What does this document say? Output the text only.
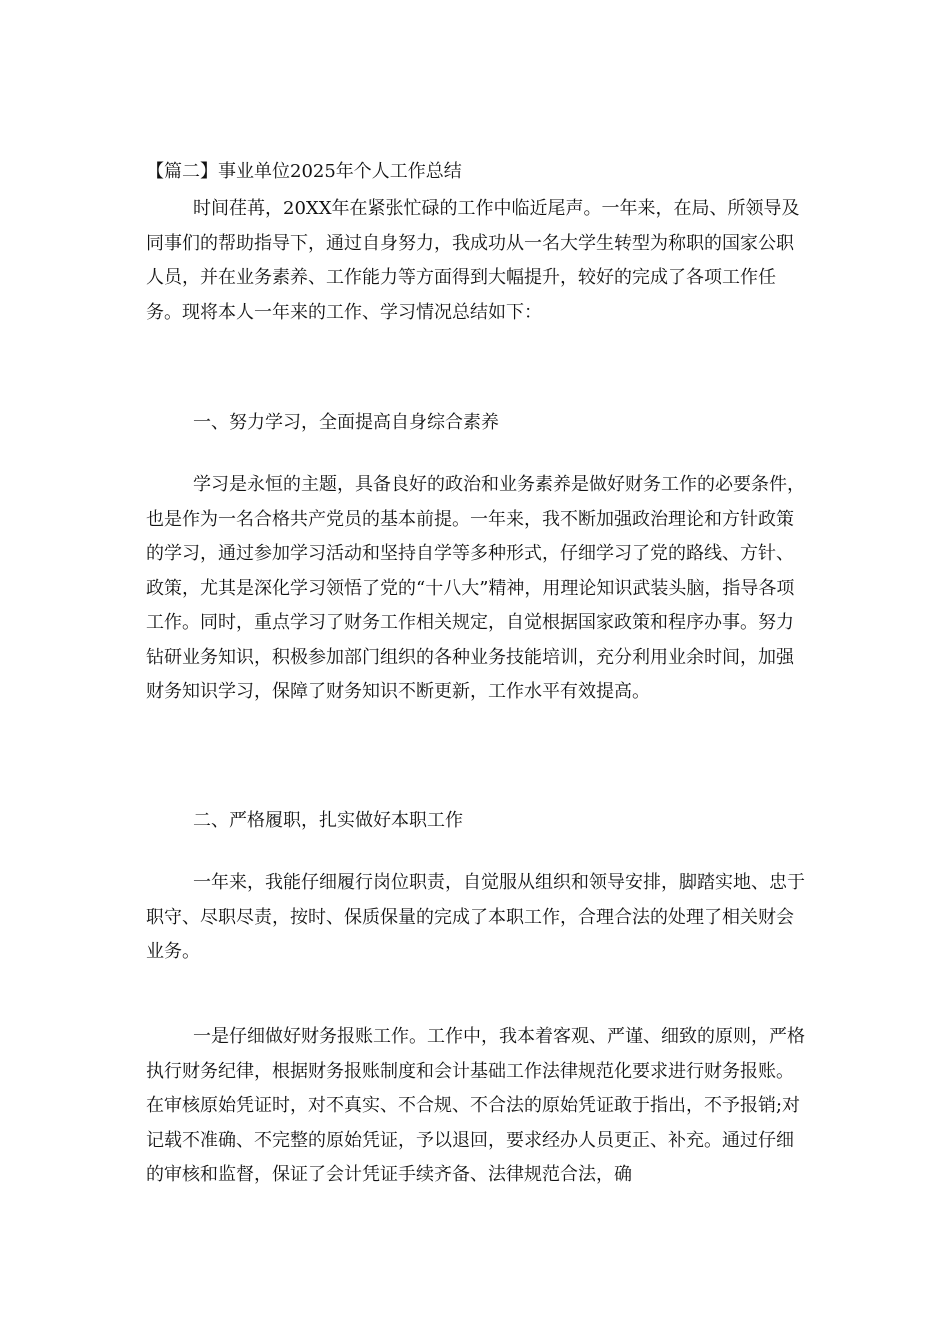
【篇二】事业单位2025年个人工作总结

时间荏苒，20XX年在紧张忙碌的工作中临近尾声。一年来，在局、所领导及同事们的帮助指导下，通过自身努力，我成功从一名大学生转型为称职的国家公职人员，并在业务素养、工作能力等方面得到大幅提升，较好的完成了各项工作任务。现将本人一年来的工作、学习情况总结如下：

一、努力学习，全面提高自身综合素养

学习是永恒的主题，具备良好的政治和业务素养是做好财务工作的必要条件，也是作为一名合格共产党员的基本前提。一年来，我不断加强政治理论和方针政策的学习，通过参加学习活动和坚持自学等多种形式，仔细学习了党的路线、方针、政策，尤其是深化学习领悟了党的“十八大”精神，用理论知识武装头脑，指导各项工作。同时，重点学习了财务工作相关规定，自觉根据国家政策和程序办事。努力钻研业务知识，积极参加部门组织的各种业务技能培训，充分利用业余时间，加强财务知识学习，保障了财务知识不断更新，工作水平有效提高。

二、严格履职，扎实做好本职工作

一年来，我能仔细履行岗位职责，自觉服从组织和领导安排，脚踏实地、忠于职守、尽职尽责，按时、保质保量的完成了本职工作，合理合法的处理了相关财会业务。

一是仔细做好财务报账工作。工作中，我本着客观、严谨、细致的原则，严格执行财务纪律，根据财务报账制度和会计基础工作法律规范化要求进行财务报账。在审核原始凭证时，对不真实、不合规、不合法的原始凭证敢于指出，不予报销;对记载不准确、不完整的原始凭证，予以退回，要求经办人员更正、补充。通过仔细的审核和监督，保证了会计凭证手续齐备、法律规范合法，确
